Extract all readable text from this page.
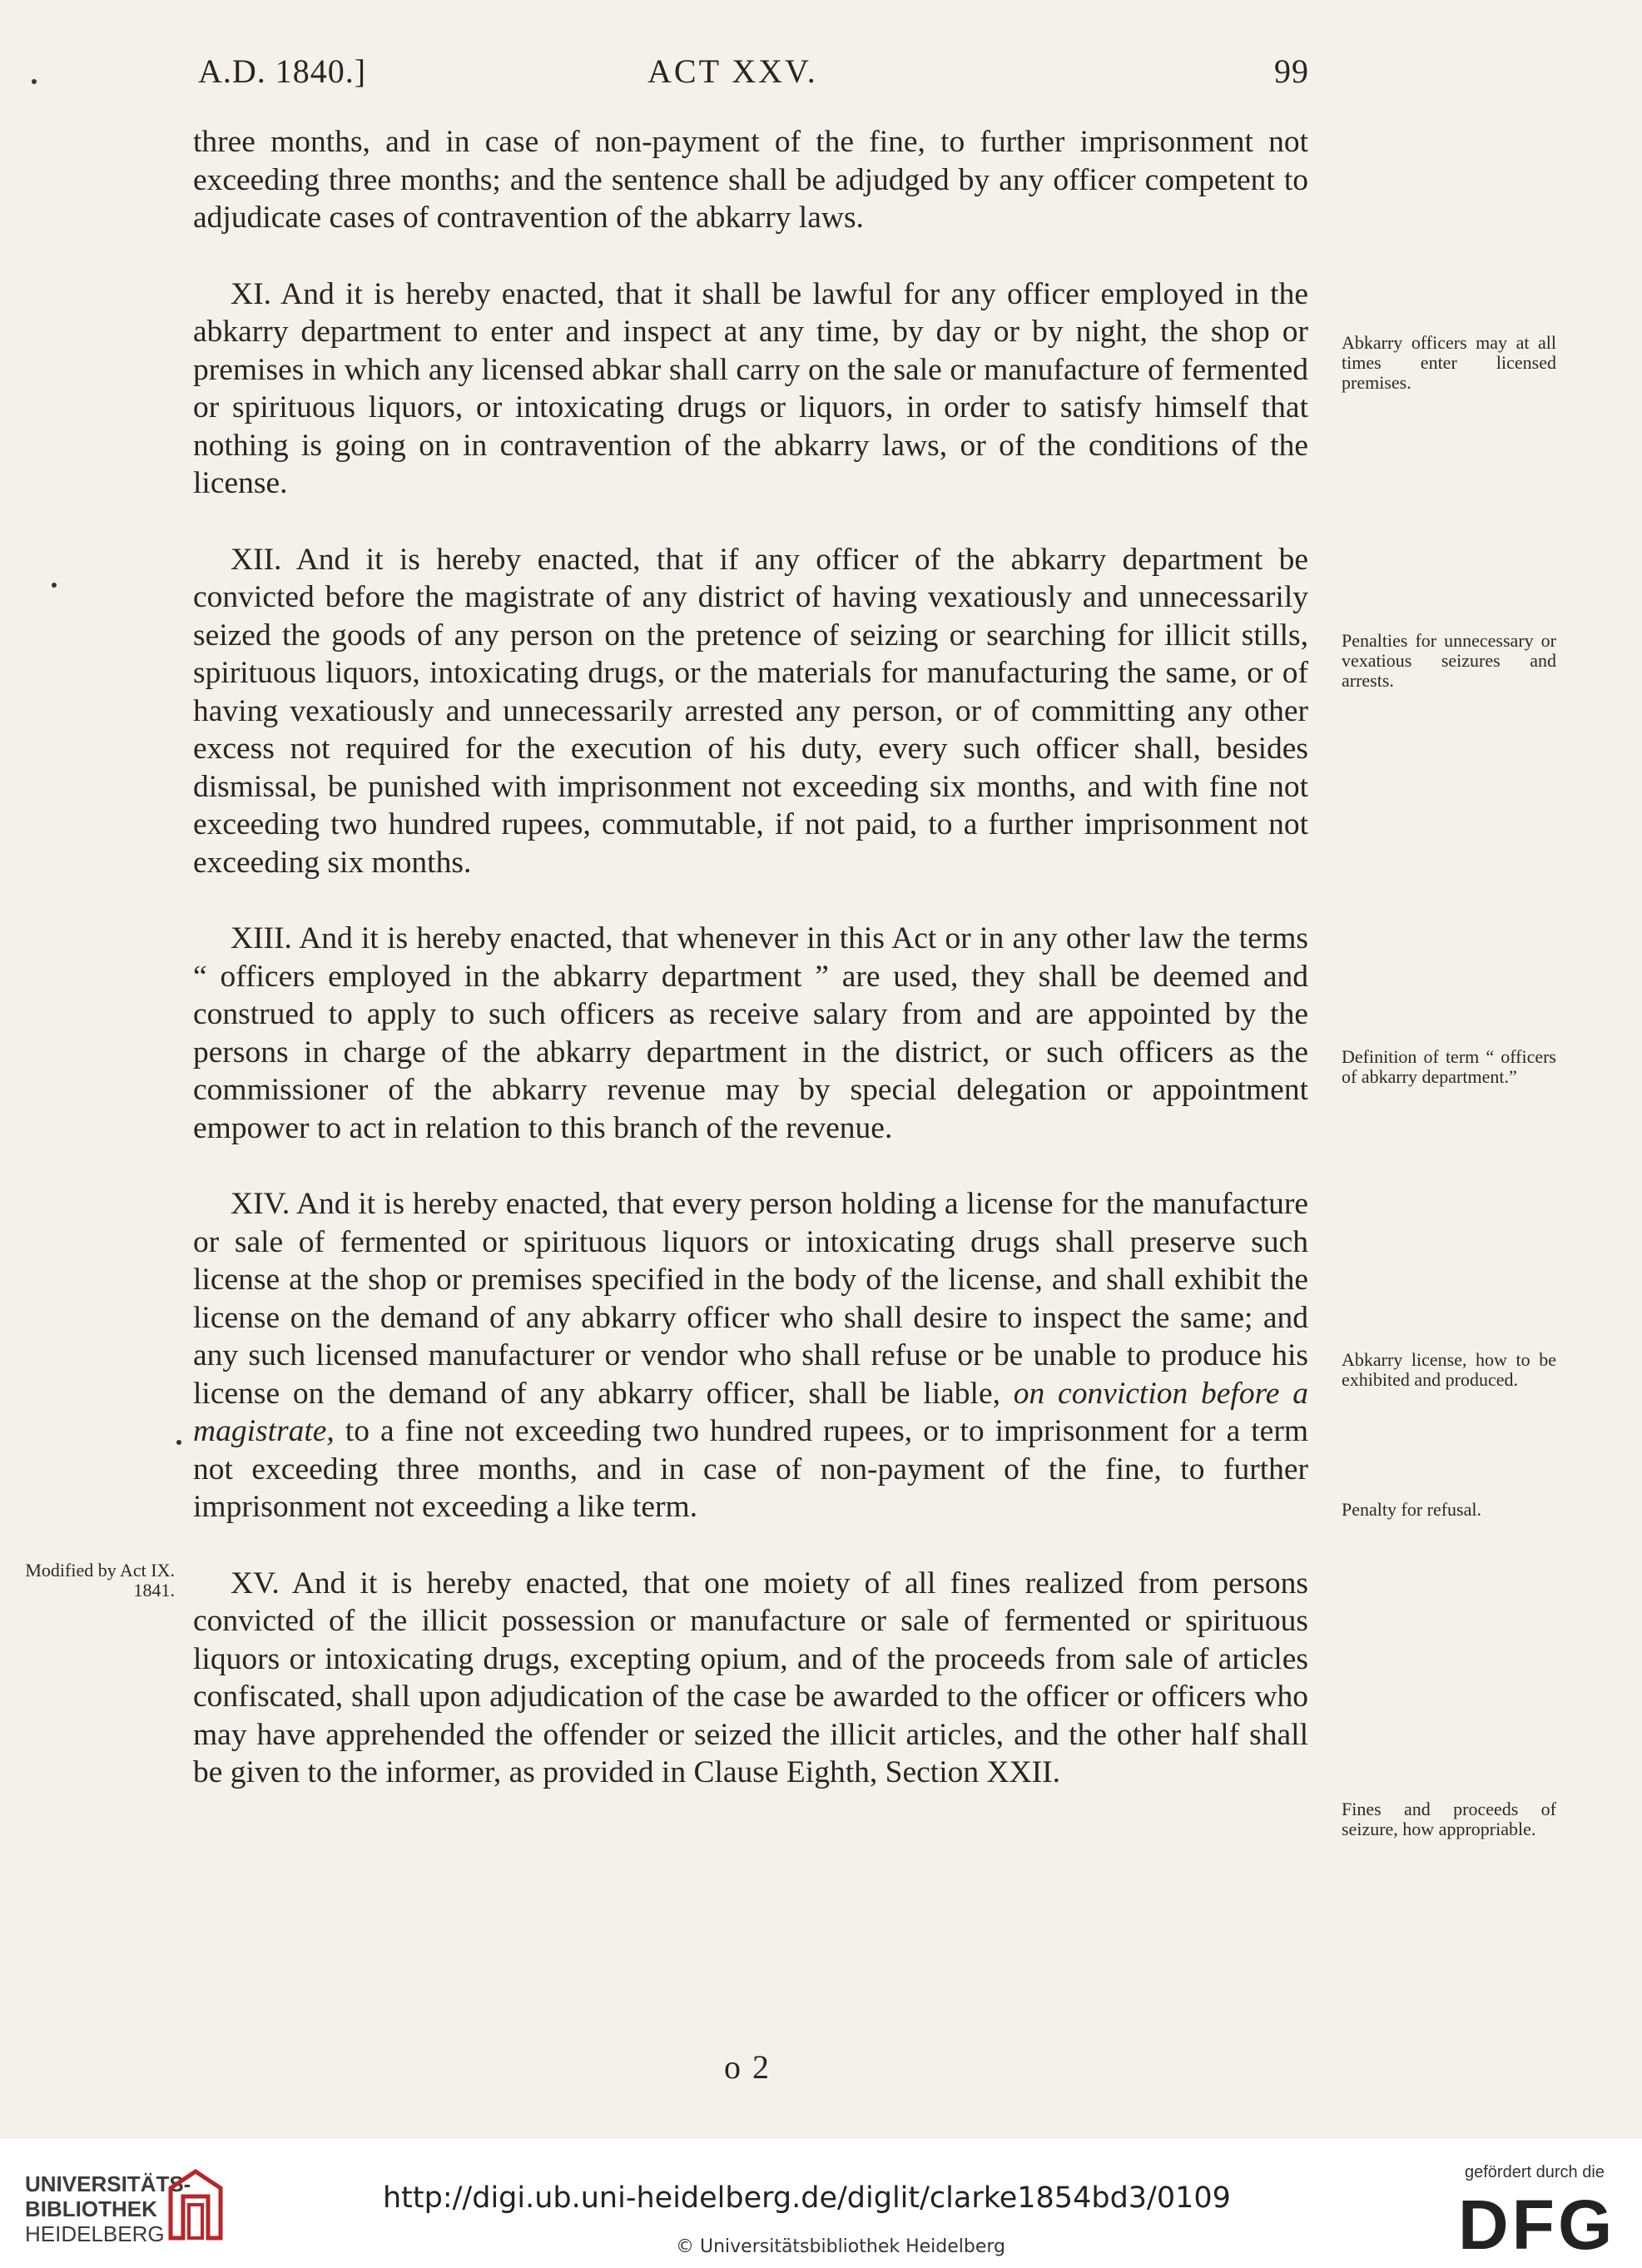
A.D. 1840.]	ACT XXV.	99

three months, and in case of non-payment of the fine, to further imprisonment not exceeding three months; and the sentence shall be adjudged by any officer competent to adjudicate cases of contravention of the abkarry laws.

XI. And it is hereby enacted, that it shall be lawful for any officer employed in the abkarry department to enter and inspect at any time, by day or by night, the shop or premises in which any licensed abkar shall carry on the sale or manufacture of fermented or spirituous liquors, or intoxicating drugs or liquors, in order to satisfy himself that nothing is going on in contravention of the abkarry laws, or of the conditions of the license.

XII. And it is hereby enacted, that if any officer of the abkarry department be convicted before the magistrate of any district of having vexatiously and unnecessarily seized the goods of any person on the pretence of seizing or searching for illicit stills, spirituous liquors, intoxicating drugs, or the materials for manufacturing the same, or of having vexatiously and unnecessarily arrested any person, or of committing any other excess not required for the execution of his duty, every such officer shall, besides dismissal, be punished with imprisonment not exceeding six months, and with fine not exceeding two hundred rupees, commutable, if not paid, to a further imprisonment not exceeding six months.

XIII. And it is hereby enacted, that whenever in this Act or in any other law the terms “ officers employed in the abkarry department ” are used, they shall be deemed and construed to apply to such officers as receive salary from and are appointed by the persons in charge of the abkarry department in the district, or such officers as the commissioner of the abkarry revenue may by special delegation or appointment empower to act in relation to this branch of the revenue.

XIV. And it is hereby enacted, that every person holding a license for the manufacture or sale of fermented or spirituous liquors or intoxicating drugs shall preserve such license at the shop or premises specified in the body of the license, and shall exhibit the license on the demand of any abkarry officer who shall desire to inspect the same; and any such licensed manufacturer or vendor who shall refuse or be unable to produce his license on the demand of any abkarry officer, shall be liable, on conviction before a magistrate, to a fine not exceeding two hundred rupees, or to imprisonment for a term not exceeding three months, and in case of non-payment of the fine, to further imprisonment not exceeding a like term.

XV. And it is hereby enacted, that one moiety of all fines realized from persons convicted of the illicit possession or manufacture or sale of fermented or spirituous liquors or intoxicating drugs, excepting opium, and of the proceeds from sale of articles confiscated, shall upon adjudication of the case be awarded to the officer or officers who may have apprehended the offender or seized the illicit articles, and the other half shall be given to the informer, as provided in Clause Eighth, Section XXII.

Abkarry officers may at all times enter licensed premises.
Penalties for unnecessary or vexatious seizures and arrests.
Definition of term “ officers of abkarry department.”
Abkarry license, how to be exhibited and produced.
Penalty for refusal.
Modified by Act IX. 1841.
Fines and proceeds of seizure, how appropriable.
o 2
UNIVERSITÄTS-
BIBLIOTHEK
HEIDELBERG
http://digi.ub.uni-heidelberg.de/diglit/clarke1854bd3/0109
© Universitätsbibliothek Heidelberg
gefördert durch die
DFG
